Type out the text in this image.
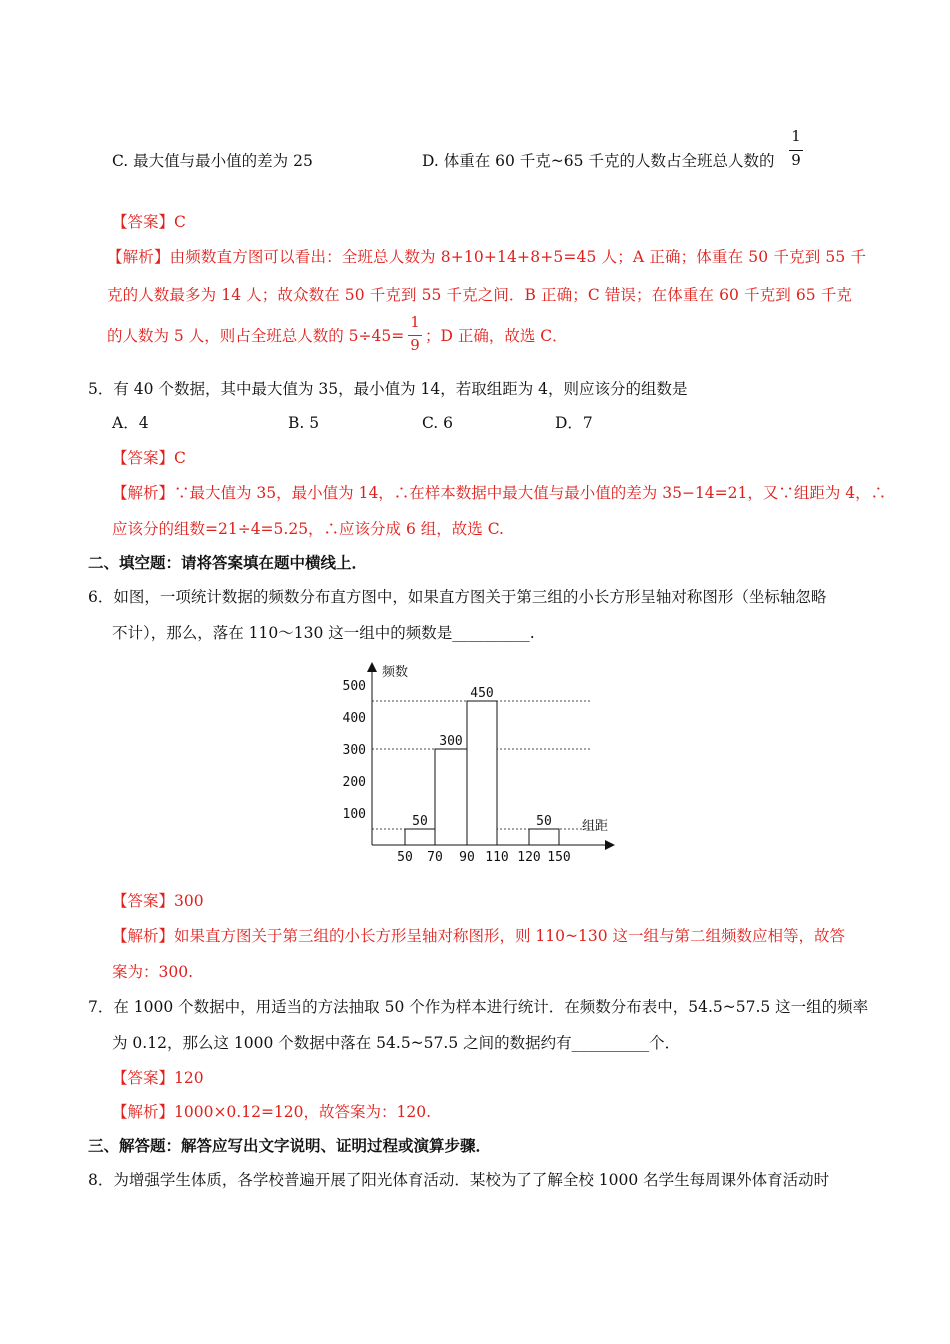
C. 最大值与最小值的差为 25	D. 体重在 60 千克~65 千克的人数占全班总人数的
1
9
【答案】C
【解析】由频数直方图可以看出：全班总人数为 8+10+14+8+5=45 人；A 正确；体重在 50 千克到 55 千
克的人数最多为 14 人；故众数在 50 千克到 55 千克之间．B 正确；C 错误；在体重在 60 千克到 65 千克
的人数为 5 人，则占全班总人数的 5÷45=
1
9 ；D 正确，故选 C．
5．有 40 个数据，其中最大值为 35，最小值为 14，若取组距为 4，则应该分的组数是
A．4	B. 5	C. 6	D．7
【答案】C
【解析】∵最大值为 35，最小值为 14，∴在样本数据中最大值与最小值的差为 35−14=21，又∵组距为 4，∴
应该分的组数=21÷4=5.25，∴应该分成 6 组，故选 C.
二、填空题：请将答案填在题中横线上．
6．如图，一项统计数据的频数分布直方图中，如果直方图关于第三组的小长方形呈轴对称图形（坐标轴忽略
不计），那么，落在 110～130 这一组中的频数是__________.
频数
组距
500
400
300
200
100
50 70 90 110 120 150
50
300
450
50
【答案】300
【解析】如果直方图关于第三组的小长方形呈轴对称图形，则 110~130 这一组与第二组频数应相等，故答
案为：300.
7．在 1000 个数据中，用适当的方法抽取 50 个作为样本进行统计．在频数分布表中，54.5~57.5 这一组的频率
为 0.12，那么这 1000 个数据中落在 54.5~57.5 之间的数据约有__________个．
【答案】120
【解析】1000×0.12=120，故答案为：120.
三、解答题：解答应写出文字说明、证明过程或演算步骤．
8．为增强学生体质，各学校普遍开展了阳光体育活动．某校为了了解全校 1000 名学生每周课外体育活动时
